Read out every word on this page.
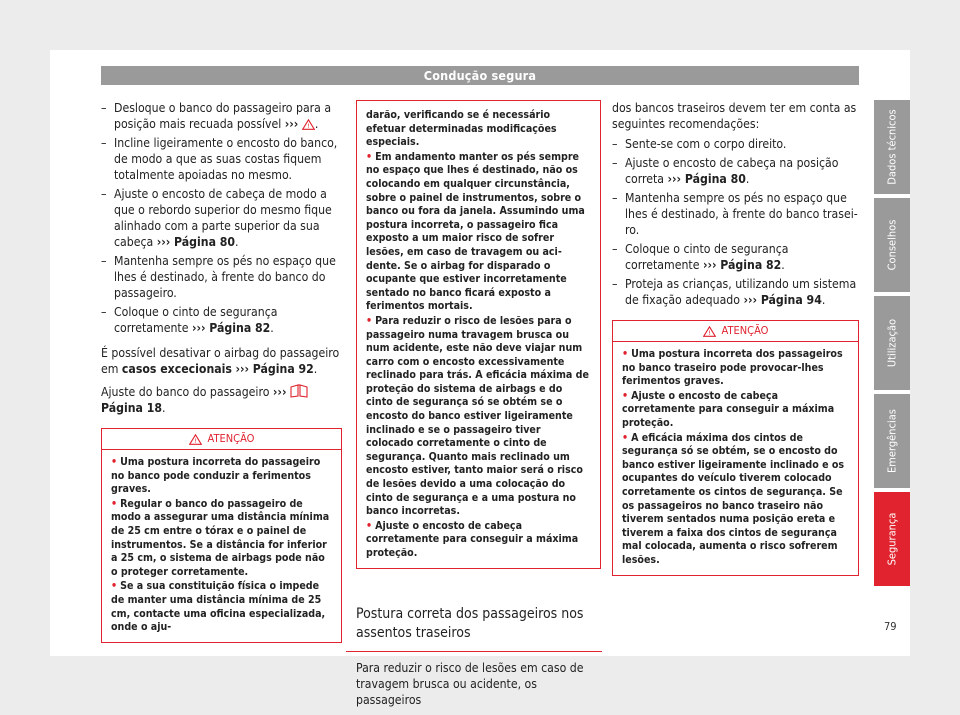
Condução segura
– Desloque o banco do passageiro para a posição mais recuada possível ››› ! .
– Incline ligeiramente o encosto do banco, de modo a que as suas costas fiquem totalmente apoiadas no mesmo.
– Ajuste o encosto de cabeça de modo a que o rebordo superior do mesmo fique alinhado com a parte superior da sua cabeça ››› Página 80.
– Mantenha sempre os pés no espaço que lhes é destinado, à frente do banco do passageiro.
– Coloque o cinto de segurança corretamente ››› Página 82.

É possível desativar o airbag do passageiro em casos excecionais ››› Página 92.

Ajuste do banco do passageiro ›››  Página 18.

! ATENÇÃO
• Uma postura incorreta do passageiro no banco pode conduzir a ferimentos graves.
• Regular o banco do passageiro de modo a assegurar uma distância mínima de 25 cm entre o tórax e o painel de instrumentos. Se a distância for inferior a 25 cm, o sistema de airbags pode não o proteger corretamente.
• Se a sua constituição física o impede de manter uma distância mínima de 25 cm, contacte uma oficina especializada, onde o aju-
darão, verificando se é necessário efetuar determinadas modificações especiais.
• Em andamento manter os pés sempre no espaço que lhes é destinado, não os colocando em qualquer circunstância, sobre o painel de instrumentos, sobre o banco ou fora da janela. Assumindo uma postura incorreta, o passageiro fica exposto a um maior risco de sofrer lesões, em caso de travagem ou acidente. Se o airbag for disparado o ocupante que estiver incorretamente sentado no banco ficará exposto a ferimentos mortais.
• Para reduzir o risco de lesões para o passageiro numa travagem brusca ou num acidente, este não deve viajar num carro com o encosto excessivamente reclinado para trás. A eficácia máxima de proteção do sistema de airbags e do cinto de segurança só se obtém se o encosto do banco estiver ligeiramente inclinado e se o passageiro tiver colocado corretamente o cinto de segurança. Quanto mais reclinado um encosto estiver, tanto maior será o risco de lesões devido a uma colocação do cinto de segurança e a uma postura no banco incorretas.
• Ajuste o encosto de cabeça corretamente para conseguir a máxima proteção.
Postura correta dos passageiros nos assentos traseiros

Para reduzir o risco de lesões em caso de travagem brusca ou acidente, os passageiros

dos bancos traseiros devem ter em conta as seguintes recomendações:

– Sente-se com o corpo direito.
– Ajuste o encosto de cabeça na posição correta ››› Página 80.
– Mantenha sempre os pés no espaço que lhes é destinado, à frente do banco traseiro.
– Coloque o cinto de segurança corretamente ››› Página 82.
– Proteja as crianças, utilizando um sistema de fixação adequado ››› Página 94.
! ATENÇÃO
• Uma postura incorreta dos passageiros no banco traseiro pode provocar-lhes ferimentos graves.
• Ajuste o encosto de cabeça corretamente para conseguir a máxima proteção.
• A eficácia máxima dos cintos de segurança só se obtém, se o encosto do banco estiver ligeiramente inclinado e os ocupantes do veículo tiverem colocado corretamente os cintos de segurança. Se os passageiros no banco traseiro não tiverem sentados numa posição ereta e tiverem a faixa dos cintos de segurança mal colocada, aumenta o risco sofrerem lesões.
Dados técnicos
Conselhos
Utilização
Emergências
Segurança
79
